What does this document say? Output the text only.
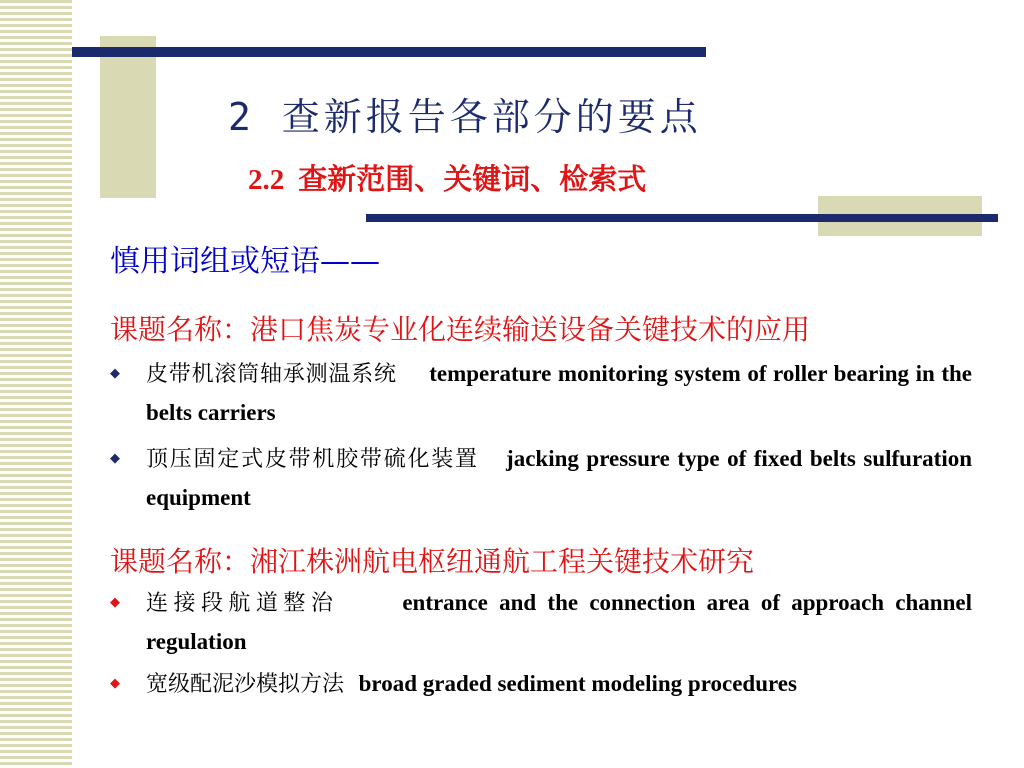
2 查新报告各部分的要点
2.2 查新范围、关键词、检索式
慎用词组或短语——
课题名称：港口焦炭专业化连续输送设备关键技术的应用
◆ 皮带机滚筒轴承测温系统 temperature monitoring system of roller bearing in the belts carriers
◆ 顶压固定式皮带机胶带硫化装置 jacking pressure type of fixed belts sulfuration equipment
课题名称：湘江株洲航电枢纽通航工程关键技术研究
◆ 连接段航道整治	entrance and the connection area of approach channel regulation
◆ 宽级配泥沙模拟方法 broad graded sediment modeling procedures
